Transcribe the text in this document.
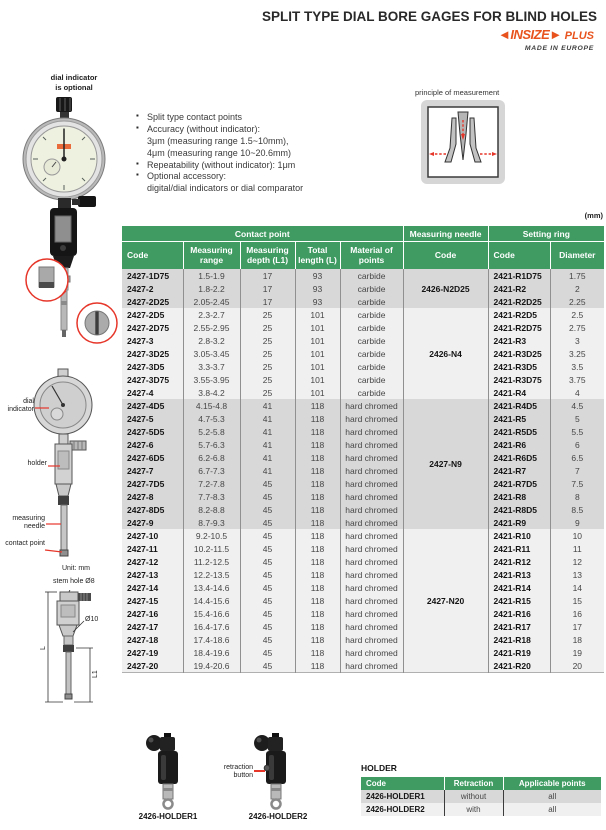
SPLIT TYPE DIAL BORE GAGES FOR BLIND HOLES
◄INSIZE► PLUS
MADE IN EUROPE
dial indicator
is optional
dial indicator
holder
measuring needle
contact point
Unit: mm
stem hole Ø8
Ø10
L
L1
▪ Split type contact points
▪ Accuracy (without indicator):
3μm (measuring range 1.5~10mm),
4μm (measuring range 10~20.6mm)
▪ Repeatability (without indicator): 1μm
▪ Optional accessory:
digital/dial indicators or dial comparator
principle of measurement
(mm)
Contact point					Measuring needle	Setting ring	
Code	Measuring range	Measuring depth (L1)	Total length (L)	Material of points	Code	Code	Diameter
2427-1D75	1.5-1.9	17	93	carbide	2426-N2D25	2421-R1D75	1.75
2427-2	1.8-2.2	17	93	carbide		2421-R2	2
2427-2D25	2.05-2.45	17	93	carbide		2421-R2D25	2.25
2427-2D5	2.3-2.7	25	101	carbide	2426-N4	2421-R2D5	2.5
2427-2D75	2.55-2.95	25	101	carbide		2421-R2D75	2.75
2427-3	2.8-3.2	25	101	carbide		2421-R3	3
2427-3D25	3.05-3.45	25	101	carbide		2421-R3D25	3.25
2427-3D5	3.3-3.7	25	101	carbide		2421-R3D5	3.5
2427-3D75	3.55-3.95	25	101	carbide		2421-R3D75	3.75
2427-4	3.8-4.2	25	101	carbide		2421-R4	4
2427-4D5	4.15-4.8	41	118	hard chromed	2427-N9	2421-R4D5	4.5
2427-5	4.7-5.3	41	118	hard chromed		2421-R5	5
2427-5D5	5.2-5.8	41	118	hard chromed		2421-R5D5	5.5
2427-6	5.7-6.3	41	118	hard chromed		2421-R6	6
2427-6D5	6.2-6.8	41	118	hard chromed		2421-R6D5	6.5
2427-7	6.7-7.3	41	118	hard chromed		2421-R7	7
2427-7D5	7.2-7.8	45	118	hard chromed		2421-R7D5	7.5
2427-8	7.7-8.3	45	118	hard chromed		2421-R8	8
2427-8D5	8.2-8.8	45	118	hard chromed		2421-R8D5	8.5
2427-9	8.7-9.3	45	118	hard chromed		2421-R9	9
2427-10	9.2-10.5	45	118	hard chromed	2427-N20	2421-R10	10
2427-11	10.2-11.5	45	118	hard chromed		2421-R11	11
2427-12	11.2-12.5	45	118	hard chromed		2421-R12	12
2427-13	12.2-13.5	45	118	hard chromed		2421-R13	13
2427-14	13.4-14.6	45	118	hard chromed		2421-R14	14
2427-15	14.4-15.6	45	118	hard chromed		2421-R15	15
2427-16	15.4-16.6	45	118	hard chromed		2421-R16	16
2427-17	16.4-17.6	45	118	hard chromed		2421-R17	17
2427-18	17.4-18.6	45	118	hard chromed		2421-R18	18
2427-19	18.4-19.6	45	118	hard chromed		2421-R19	19
2427-20	19.4-20.6	45	118	hard chromed		2421-R20	20
retraction button
2426-HOLDER1	2426-HOLDER2
HOLDER
Code	Retraction	Applicable points
2426-HOLDER1	without	all
2426-HOLDER2	with	all
